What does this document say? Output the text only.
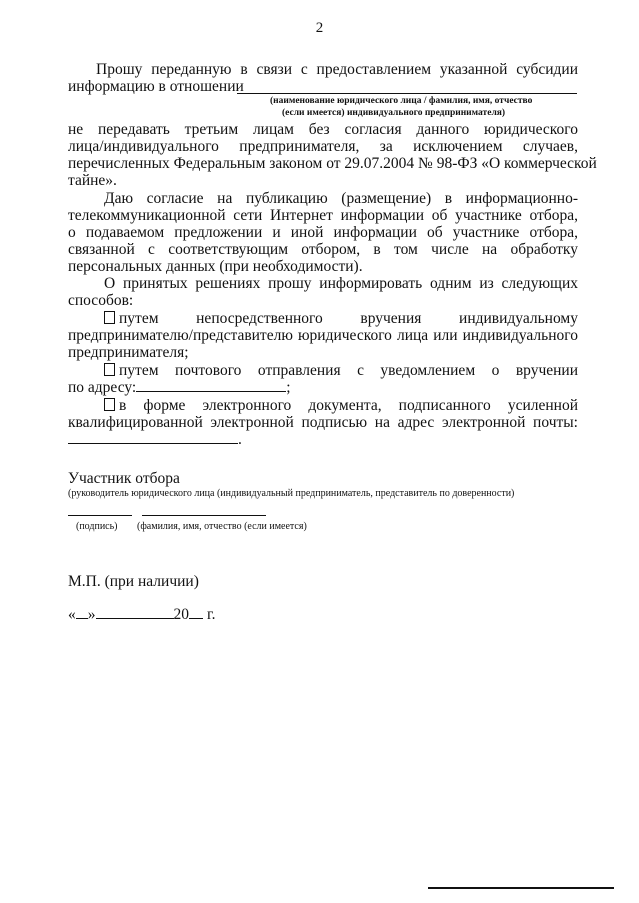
2
Прошу переданную в связи с предоставлением указанной субсидии
информацию в отношении
(наименование юридического лица / фамилия, имя, отчество
(если имеется) индивидуального предпринимателя)
не передавать третьим лицам без согласия данного юридического
лица/индивидуального предпринимателя, за исключением случаев,
перечисленных Федеральным законом от 29.07.2004 № 98-ФЗ «О коммерческой
тайне».
Даю согласие на публикацию (размещение) в информационно-
телекоммуникационной сети Интернет информации об участнике отбора,
о подаваемом предложении и иной информации об участнике отбора,
связанной с соответствующим отбором, в том числе на обработку
персональных данных (при необходимости).
О принятых решениях прошу информировать одним из следующих
способов:
путем непосредственного вручения индивидуальному
предпринимателю/представителю юридического лица или индивидуального
предпринимателя;
путем почтового отправления с уведомлением о вручении
по адресу:	;
в форме электронного документа, подписанного усиленной
квалифицированной электронной подписью на адрес электронной почты:
.
Участник отбора
(руководитель юридического лица (индивидуальный предприниматель, представитель по доверенности)
(подпись)	(фамилия, имя, отчество (если имеется)
М.П. (при наличии)
« »	20 г.
